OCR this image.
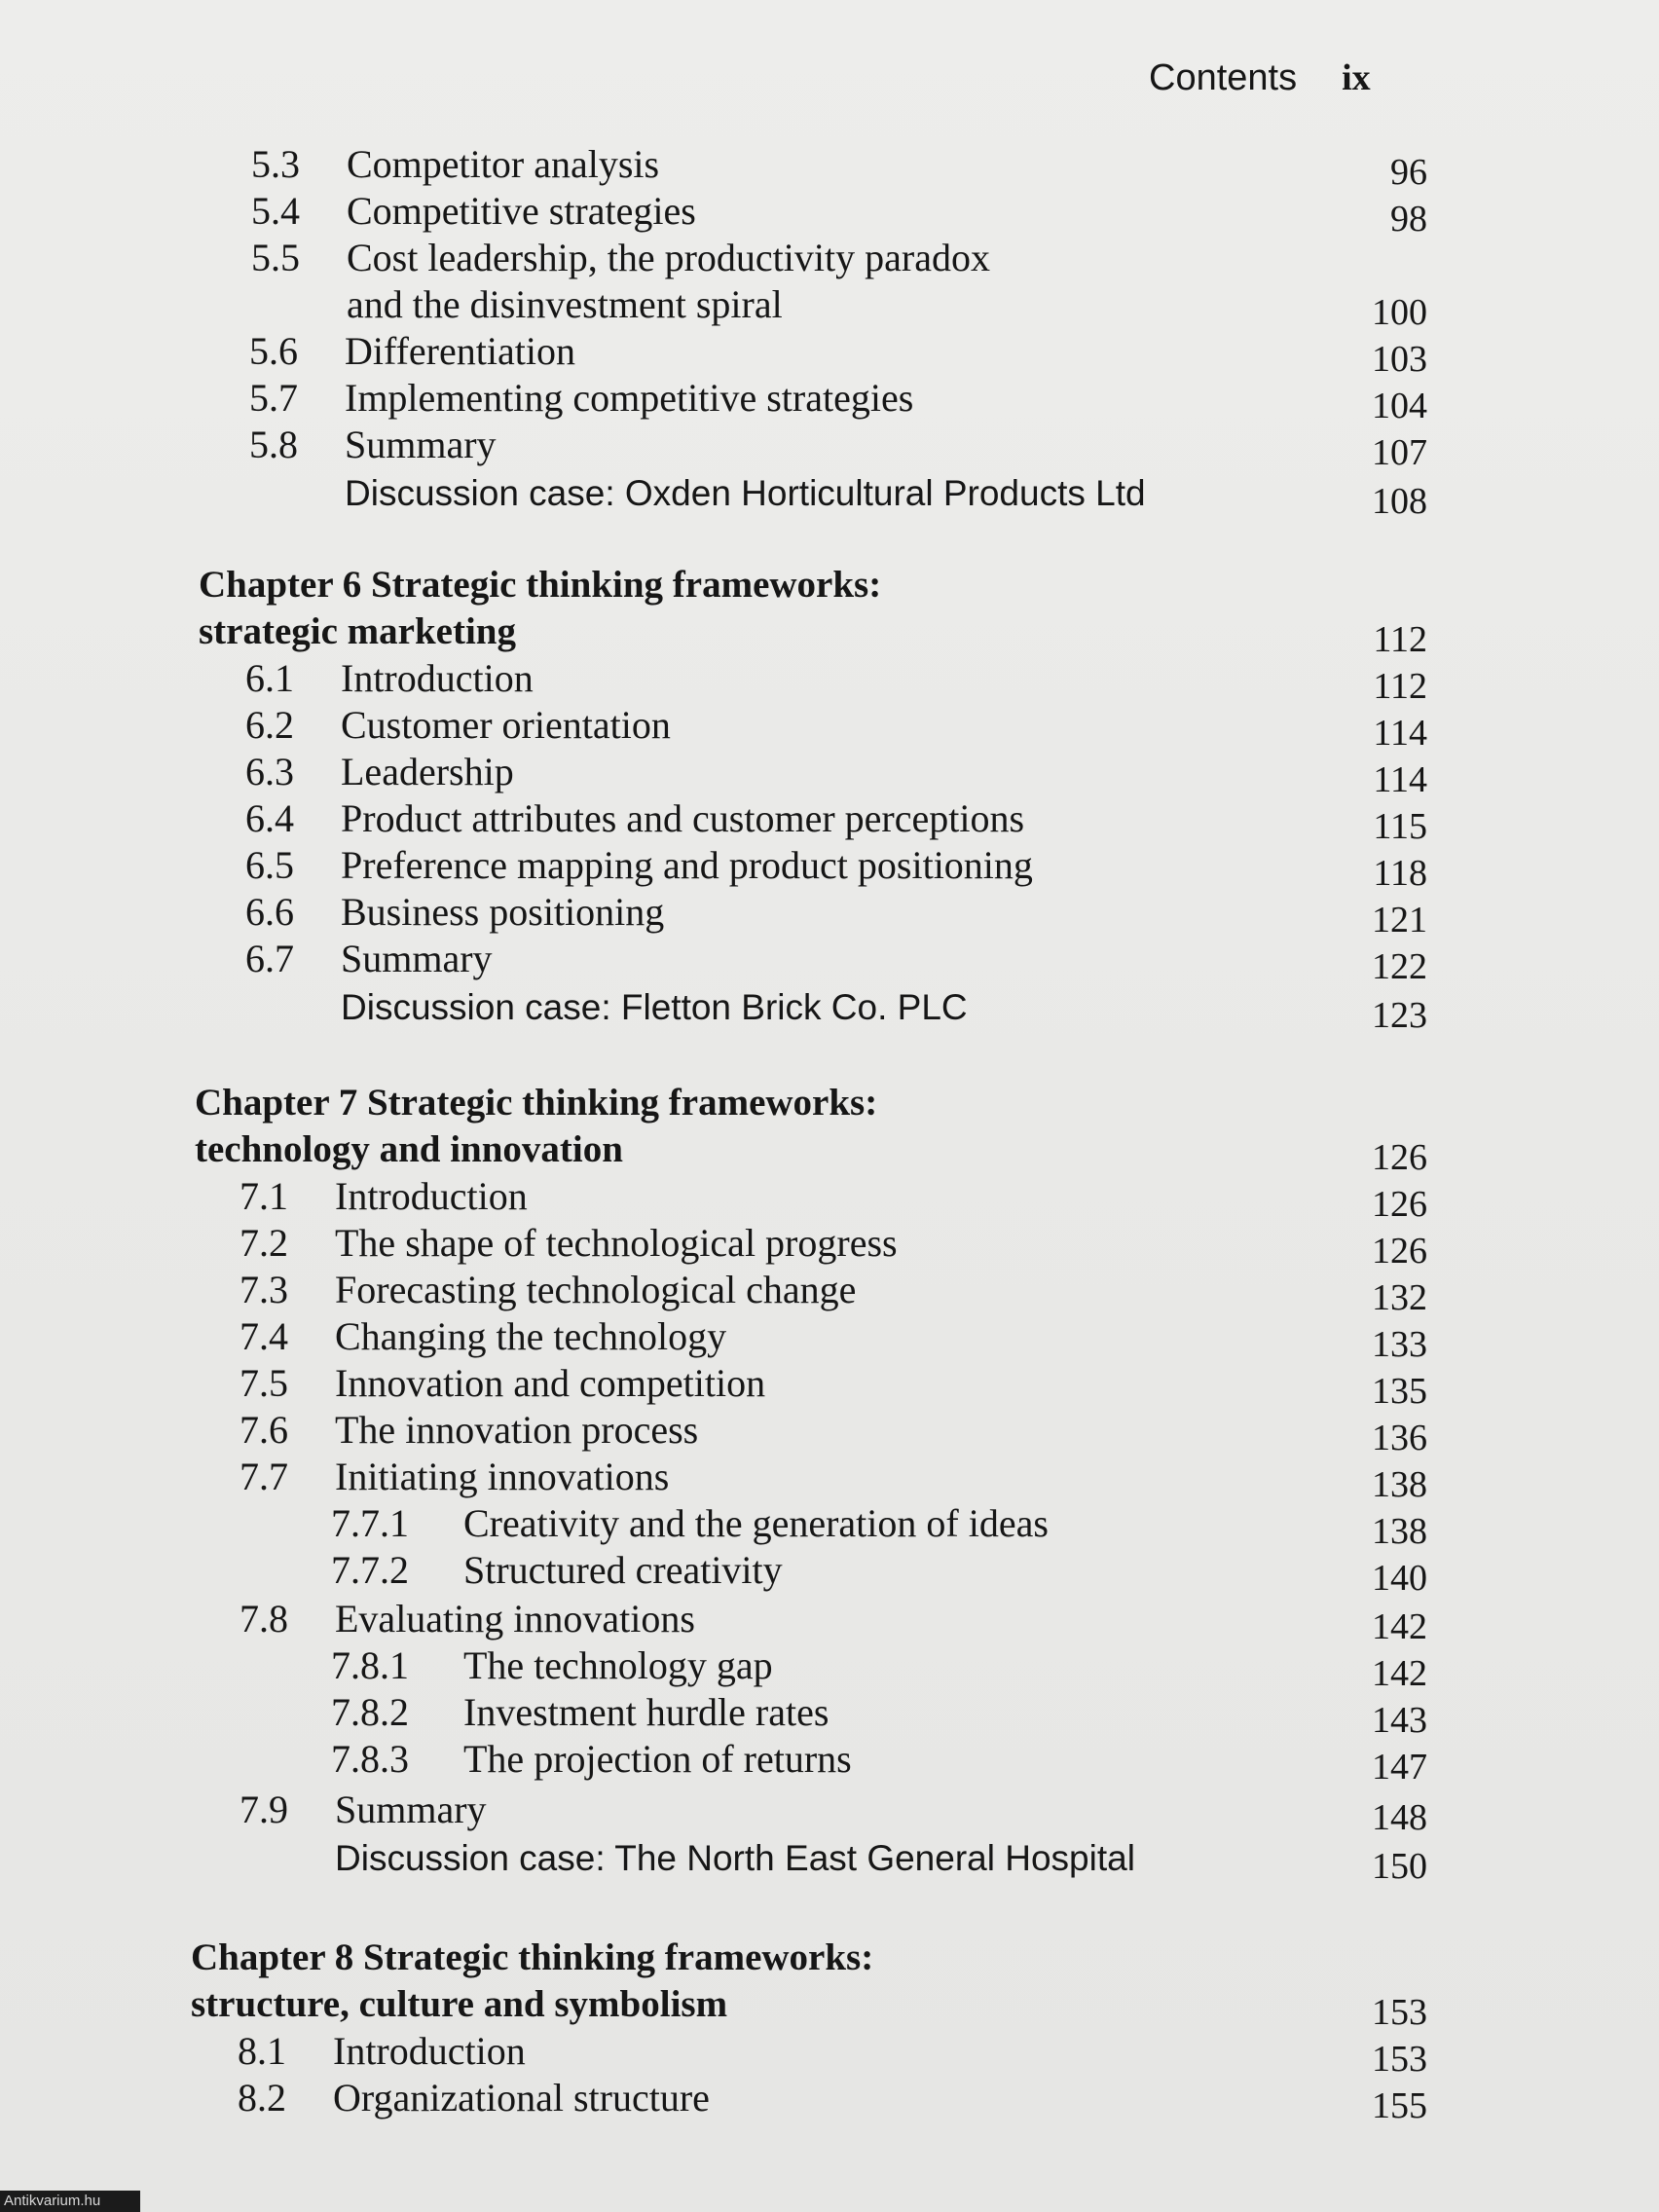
Contents ix
5.3 Competitor analysis	96
5.4 Competitive strategies	98
5.5 Cost leadership, the productivity paradox
and the disinvestment spiral	100
5.6 Differentiation	103
5.7 Implementing competitive strategies	104
5.8 Summary	107
Discussion case: Oxden Horticultural Products Ltd	108
Chapter 6 Strategic thinking frameworks:
strategic marketing	112
6.1 Introduction	112
6.2 Customer orientation	114
6.3 Leadership	114
6.4 Product attributes and customer perceptions	115
6.5 Preference mapping and product positioning	118
6.6 Business positioning	121
6.7 Summary	122
Discussion case: Fletton Brick Co. PLC	123
Chapter 7 Strategic thinking frameworks:
technology and innovation	126
7.1 Introduction	126
7.2 The shape of technological progress	126
7.3 Forecasting technological change	132
7.4 Changing the technology	133
7.5 Innovation and competition	135
7.6 The innovation process	136
7.7 Initiating innovations	138
7.7.1 Creativity and the generation of ideas	138
7.7.2 Structured creativity	140
7.8 Evaluating innovations	142
7.8.1 The technology gap	142
7.8.2 Investment hurdle rates	143
7.8.3 The projection of returns	147
7.9 Summary	148
Discussion case: The North East General Hospital	150
Chapter 8 Strategic thinking frameworks:
structure, culture and symbolism	153
8.1 Introduction	153
8.2 Organizational structure	155
Antikvarium.hu
